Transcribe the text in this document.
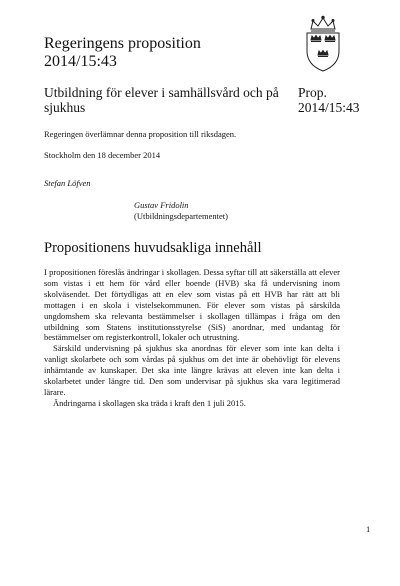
Regeringens proposition
2014/15:43
Utbildning för elever i samhällsvård och på
sjukhus

Prop.

2014/15:43

Regeringen överlämnar denna proposition till riksdagen.

Stockholm den 18 december 2014

Stefan Löfven

Gustav Fridolin

(Utbildningsdepartementet)

Propositionens huvudsakliga innehåll

I propositionen föreslås ändringar i skollagen. Dessa syftar till att säkerställa att elever som vistas i ett hem för vård eller boende (HVB) ska få undervisning inom skolväsendet. Det förtydligas att en elev som vistas på ett HVB har rätt att bli mottagen i en skola i vistelsekommunen. För elever som vistas på särskilda ungdomshem ska relevanta bestämmelser i skollagen tillämpas i fråga om den utbildning som Statens institutionsstyrelse (SiS) anordnar, med undantag för bestämmelser om registerkontroll, lokaler och utrustning.

Särskild undervisning på sjukhus ska anordnas för elever som inte kan delta i vanligt skolarbete och som vårdas på sjukhus om det inte är obehövligt för elevens inhämtande av kunskaper. Det ska inte längre krävas att eleven inte kan delta i skolarbetet under längre tid. Den som undervisar på sjukhus ska vara legitimerad lärare.

Ändringarna i skollagen ska träda i kraft den 1 juli 2015.

1
